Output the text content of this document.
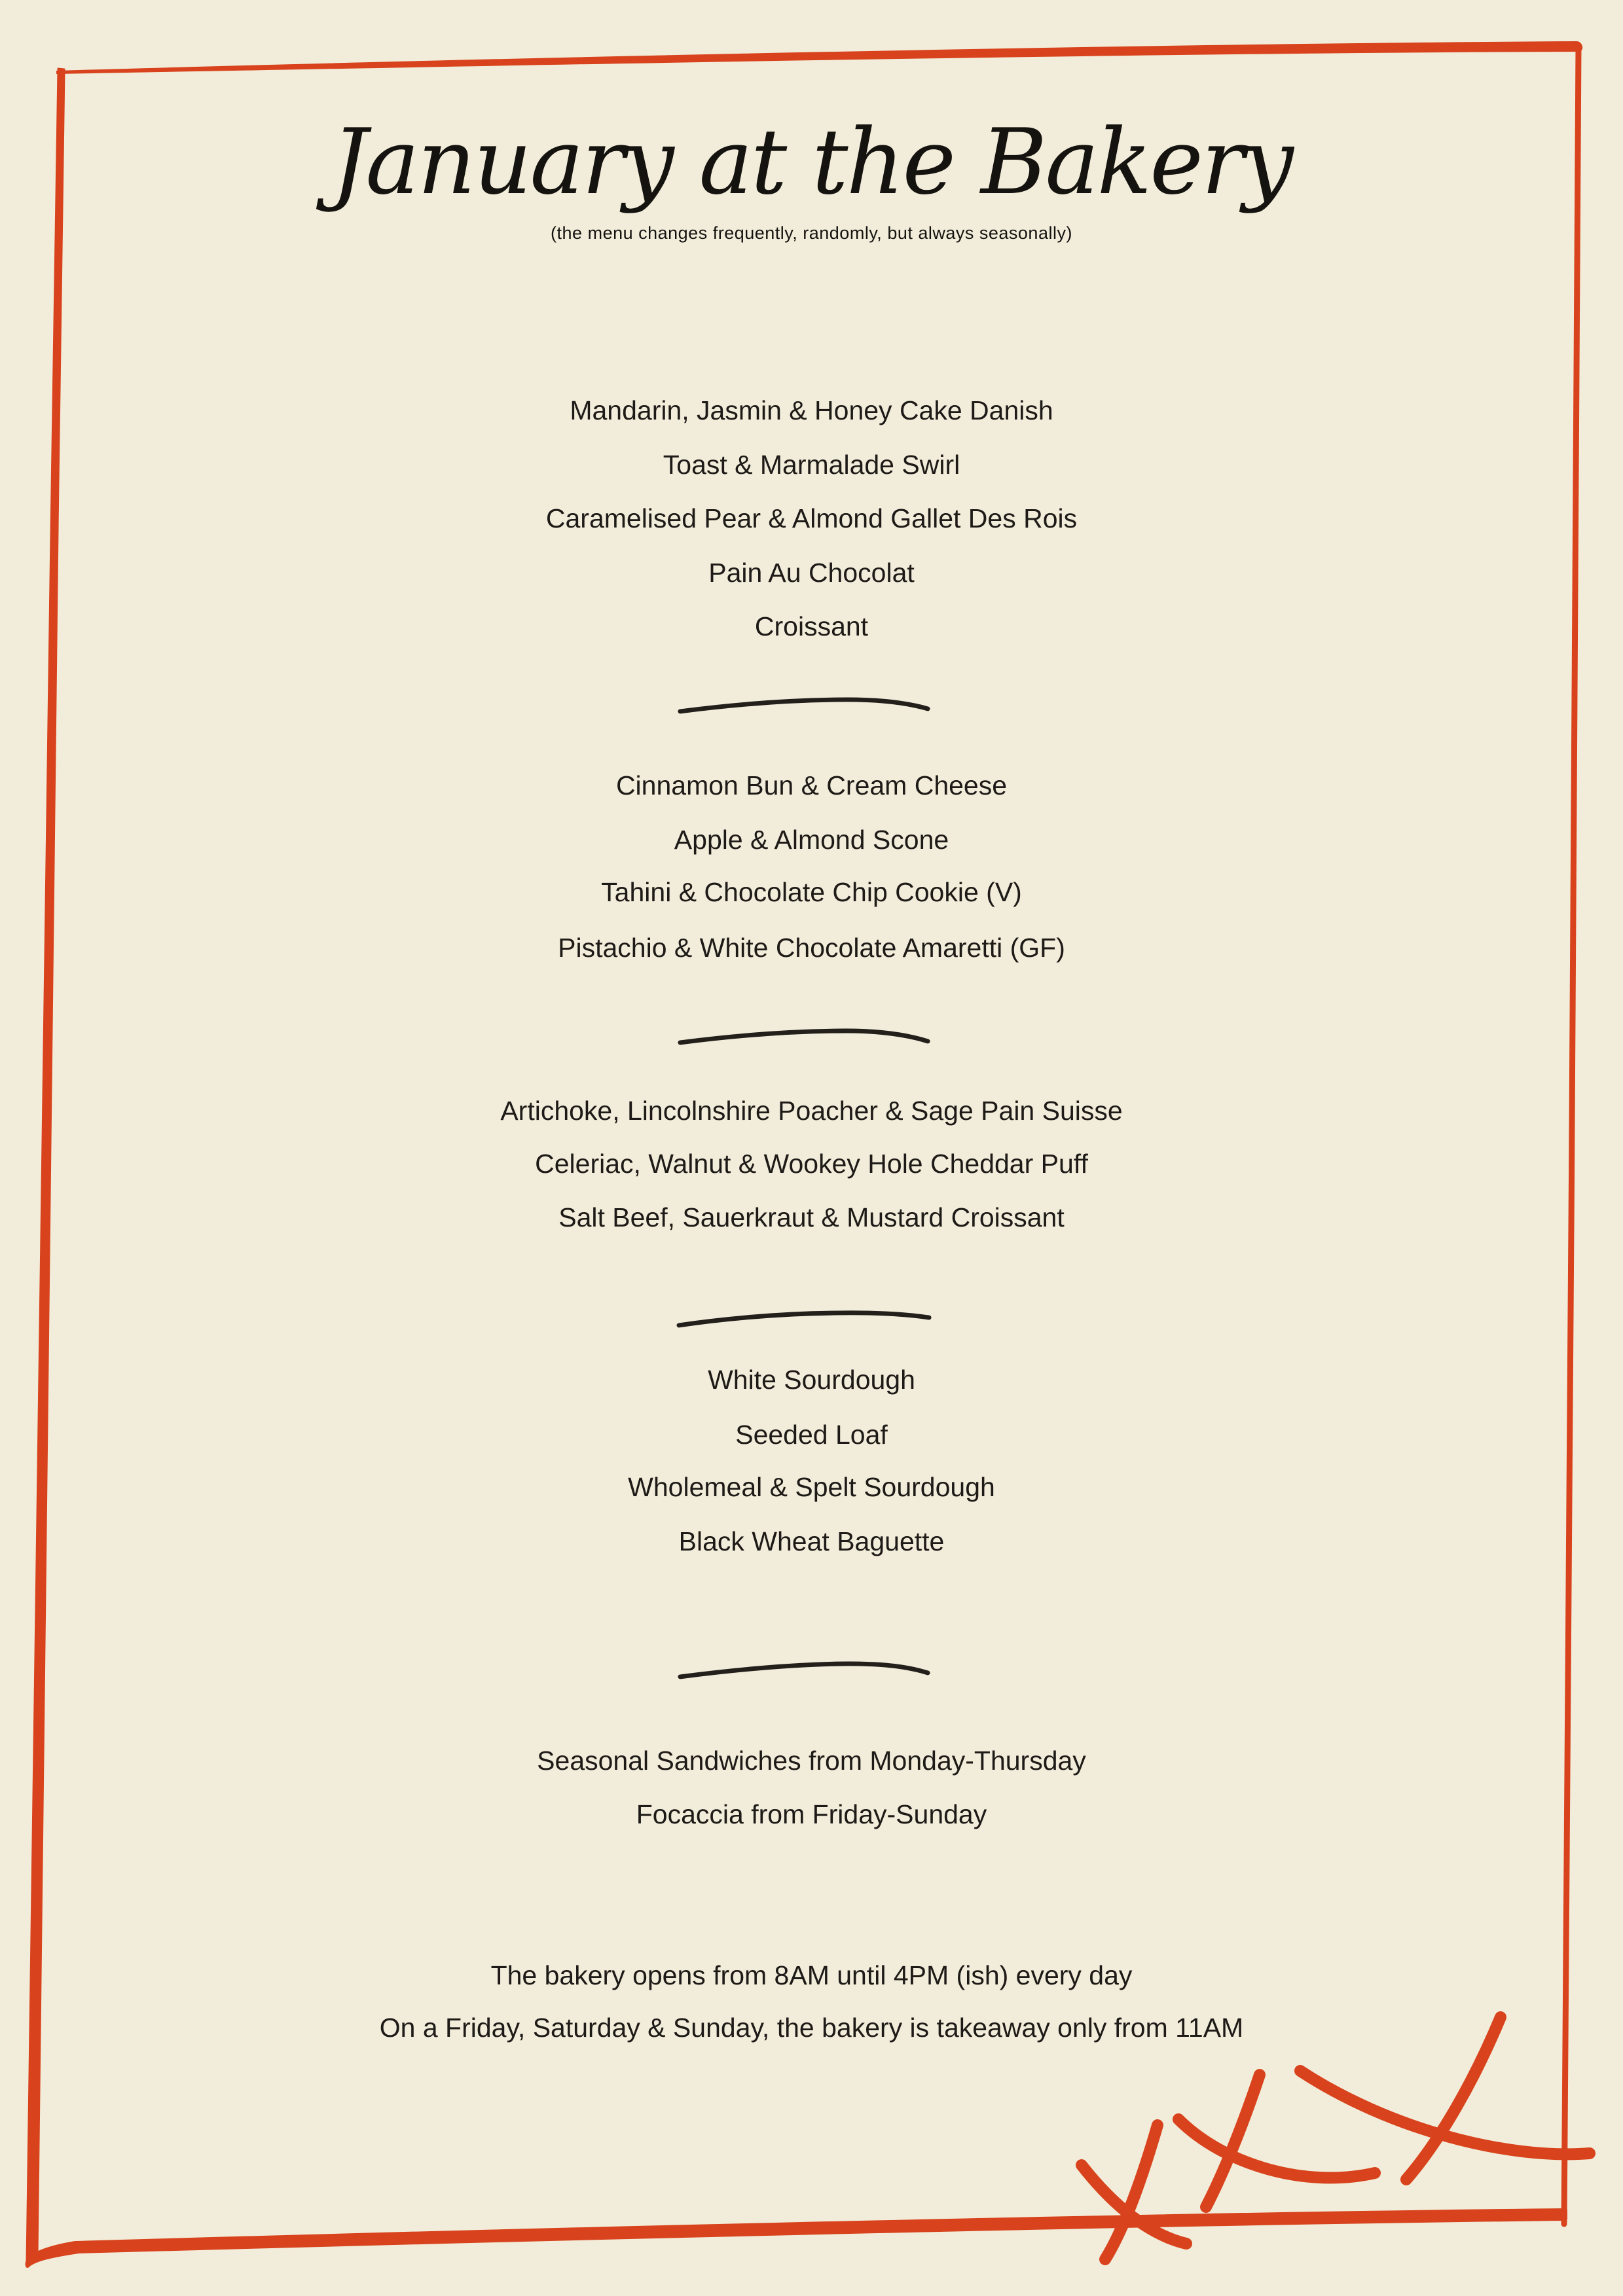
January at the Bakery
(the menu changes frequently, randomly, but always seasonally)
Mandarin, Jasmin & Honey Cake Danish
Toast & Marmalade Swirl
Caramelised Pear & Almond Gallet Des Rois
Pain Au Chocolat
Croissant
Cinnamon Bun & Cream Cheese
Apple & Almond Scone
Tahini & Chocolate Chip Cookie (V)
Pistachio & White Chocolate Amaretti (GF)
Artichoke, Lincolnshire Poacher & Sage Pain Suisse
Celeriac, Walnut & Wookey Hole Cheddar Puff
Salt Beef, Sauerkraut & Mustard Croissant
White Sourdough
Seeded Loaf
Wholemeal & Spelt Sourdough
Black Wheat Baguette
Seasonal Sandwiches from Monday-Thursday
Focaccia from Friday-Sunday
The bakery opens from 8AM until 4PM (ish) every day
On a Friday, Saturday & Sunday, the bakery is takeaway only from 11AM
